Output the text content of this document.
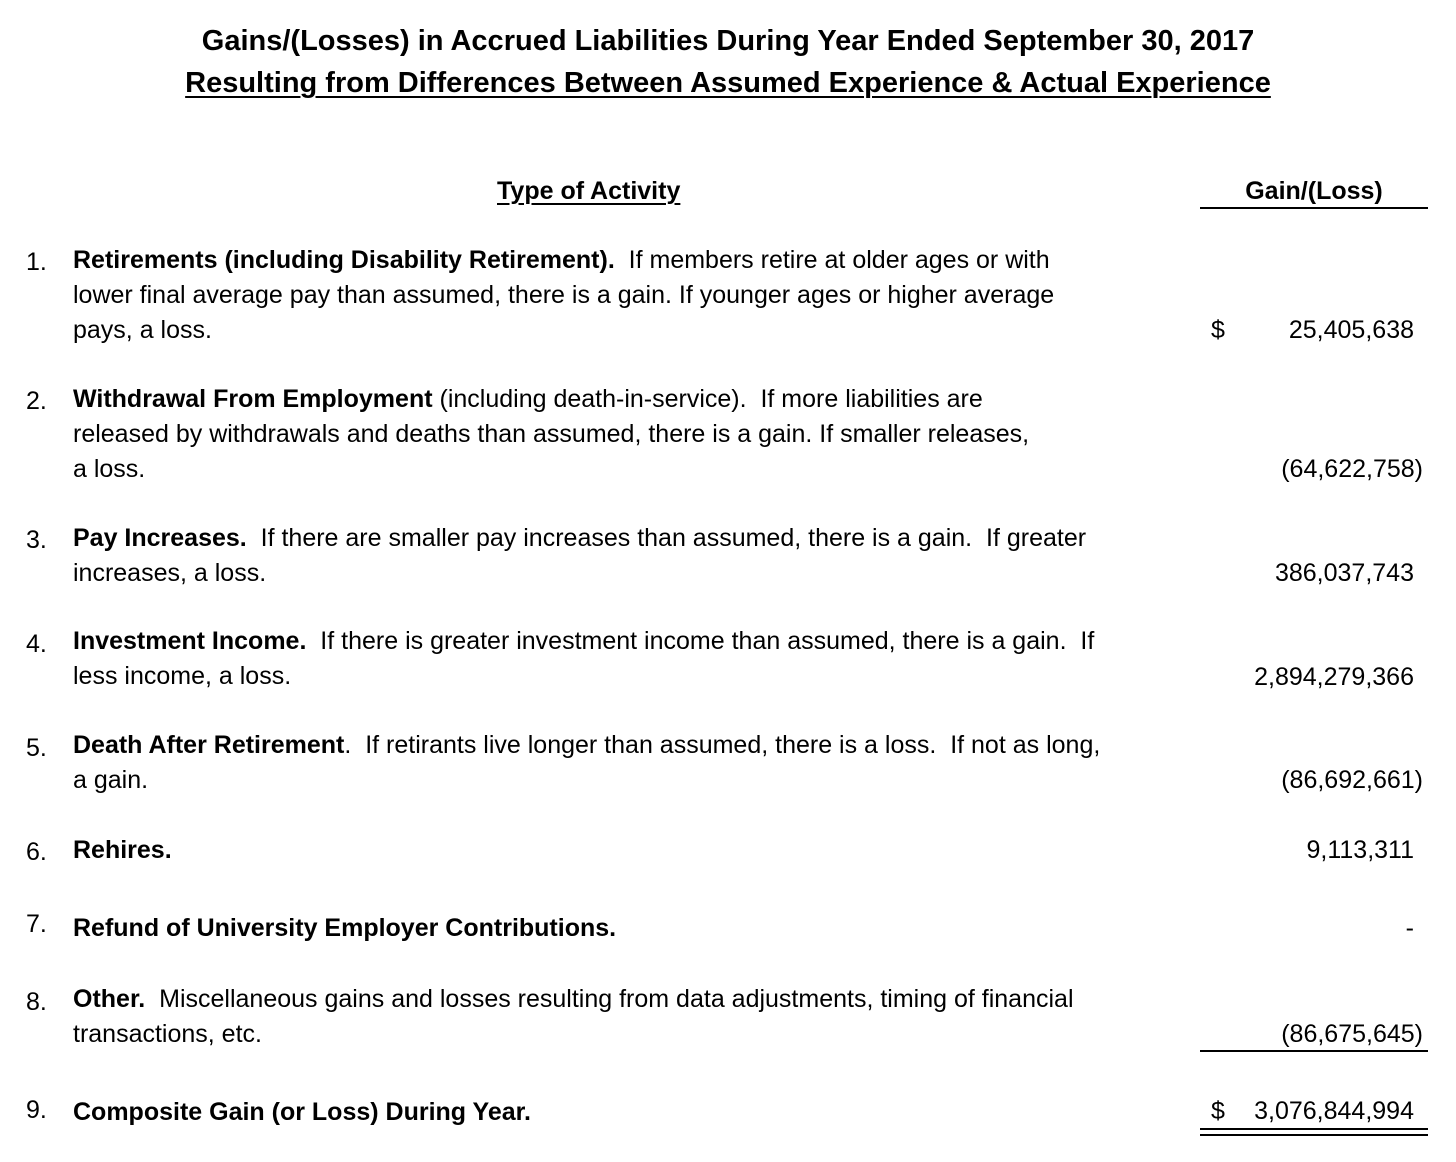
Gains/(Losses) in Accrued Liabilities During Year Ended September 30, 2017
Resulting from Differences Between Assumed Experience & Actual Experience
Type of Activity	Gain/(Loss)
1. Retirements (including Disability Retirement).  If members retire at older ages or with
lower final average pay than assumed, there is a gain. If younger ages or higher average
pays, a loss.	$	25,405,638
2. Withdrawal From Employment (including death-in-service).  If more liabilities are
released by withdrawals and deaths than assumed, there is a gain. If smaller releases,
a loss.	(64,622,758)
3. Pay Increases.  If there are smaller pay increases than assumed, there is a gain.  If greater
increases, a loss.	386,037,743
4. Investment Income.  If there is greater investment income than assumed, there is a gain.  If
less income, a loss.	2,894,279,366
5. Death After Retirement.  If retirants live longer than assumed, there is a loss.  If not as long,
a gain.	(86,692,661)
6. Rehires.	9,113,311
7. Refund of University Employer Contributions.	-
8. Other.  Miscellaneous gains and losses resulting from data adjustments, timing of financial
transactions, etc.	(86,675,645)
9. Composite Gain (or Loss) During Year.	$ 3,076,844,994
